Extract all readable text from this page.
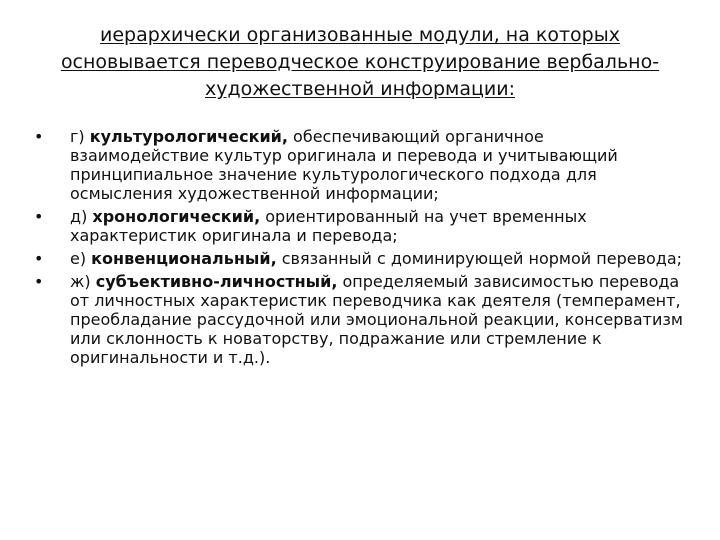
иерархически организованные модули, на которых
основывается переводческое конструирование вербально-
художественной информации:
• г) культурологический, обеспечивающий органичное взаимодействие культур оригинала и перевода и учитывающий принципиальное значение культурологического подхода для осмысления художественной информации;
• д) хронологический, ориентированный на учет временных характеристик оригинала и перевода;
• е) конвенциональный, связанный с доминирующей нормой перевода;
• ж) субъективно-личностный, определяемый зависимостью перевода от личностных характеристик переводчика как деятеля (темперамент, преобладание рассудочной или эмоциональной реакции, консерватизм или склонность к новаторству, подражание или стремление к оригинальности и т.д.).
